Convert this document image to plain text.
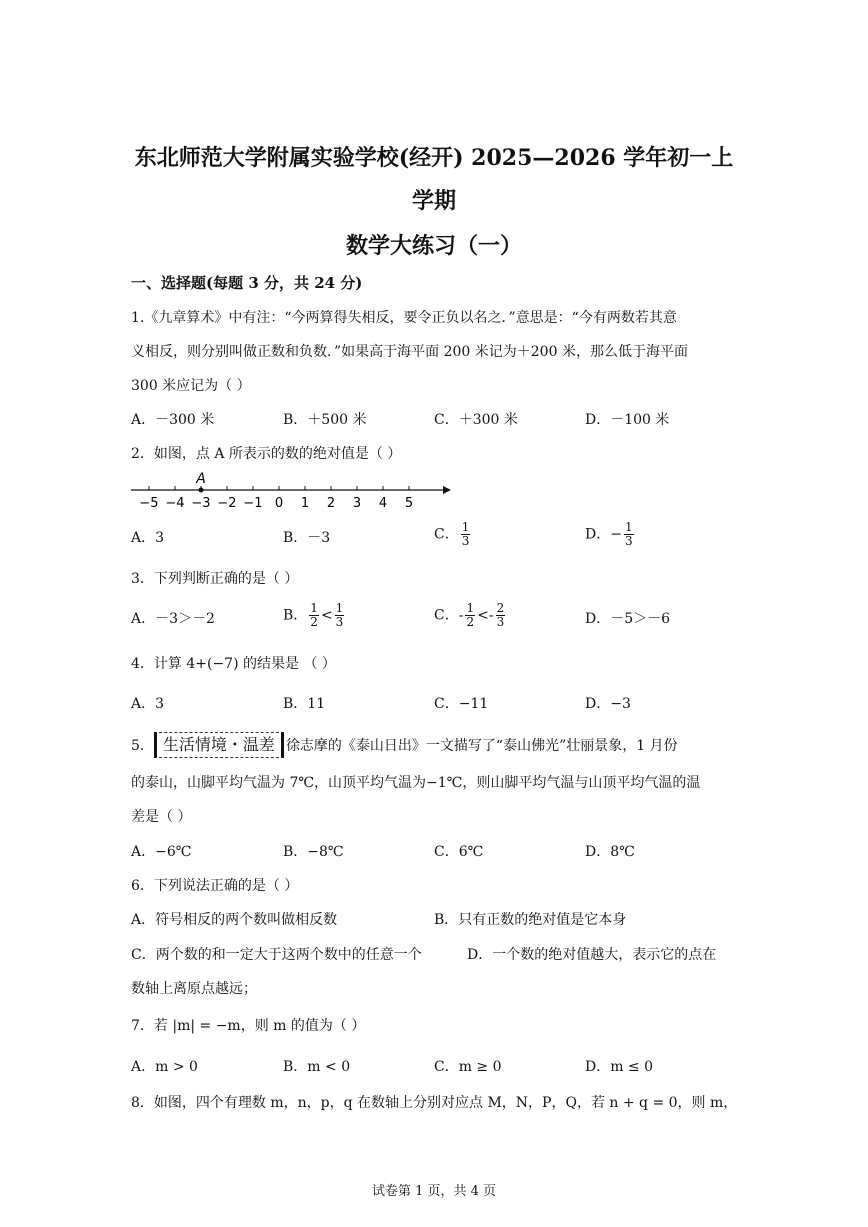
东北师范大学附属实验学校(经开) 2025—2026 学年初一上
学期
数学大练习（一）
一、选择题(每题 3 分，共 24 分)
1.《九章算术》中有注：“今两算得失相反，要令正负以名之．”意思是：“今有两数若其意
义相反，则分别叫做正数和负数．”如果高于海平面 200 米记为＋200 米，那么低于海平面
300 米应记为（ ）
A．－300 米	B．＋500 米	C．＋300 米	D．－100 米
2．如图，点 A 所表示的数的绝对值是（ ）
−5 −4 −3 −2 −1 0 1 2 3 4 5
A
A．3	B．－3	C． $\frac{1}{3}$	D．− $\frac{1}{3}$
3．下列判断正确的是（ ）
A．－3＞－2	B． $\frac{1}{2} < \frac{1}{3}$	C．- $\frac{1}{2} <- \frac{2}{3}$	D．－5＞－6
4．计算 4+(−7) 的结果是 （ ）
A．3	B．11	C．−11	D．−3
5． 生活情境・温差 徐志摩的《泰山日出》一文描写了“泰山佛光”壮丽景象，1 月份
的泰山，山脚平均气温为 7℃，山顶平均气温为−1℃，则山脚平均气温与山顶平均气温的温
差是（ ）
A．−6℃	B．−8℃	C．6℃	D．8℃
6．下列说法正确的是（ ）
A．符号相反的两个数叫做相反数	B．只有正数的绝对值是它本身
C．两个数的和一定大于这两个数中的任意一个	D．一个数的绝对值越大，表示它的点在
数轴上离原点越远；
7．若 |m| = −m，则 m 的值为（ ）
A．m > 0	B．m < 0	C．m ≥ 0	D．m ≤ 0
8．如图，四个有理数 m，n，p，q 在数轴上分别对应点 M，N，P，Q，若 n + q = 0，则 m，
试卷第 1 页，共 4 页
